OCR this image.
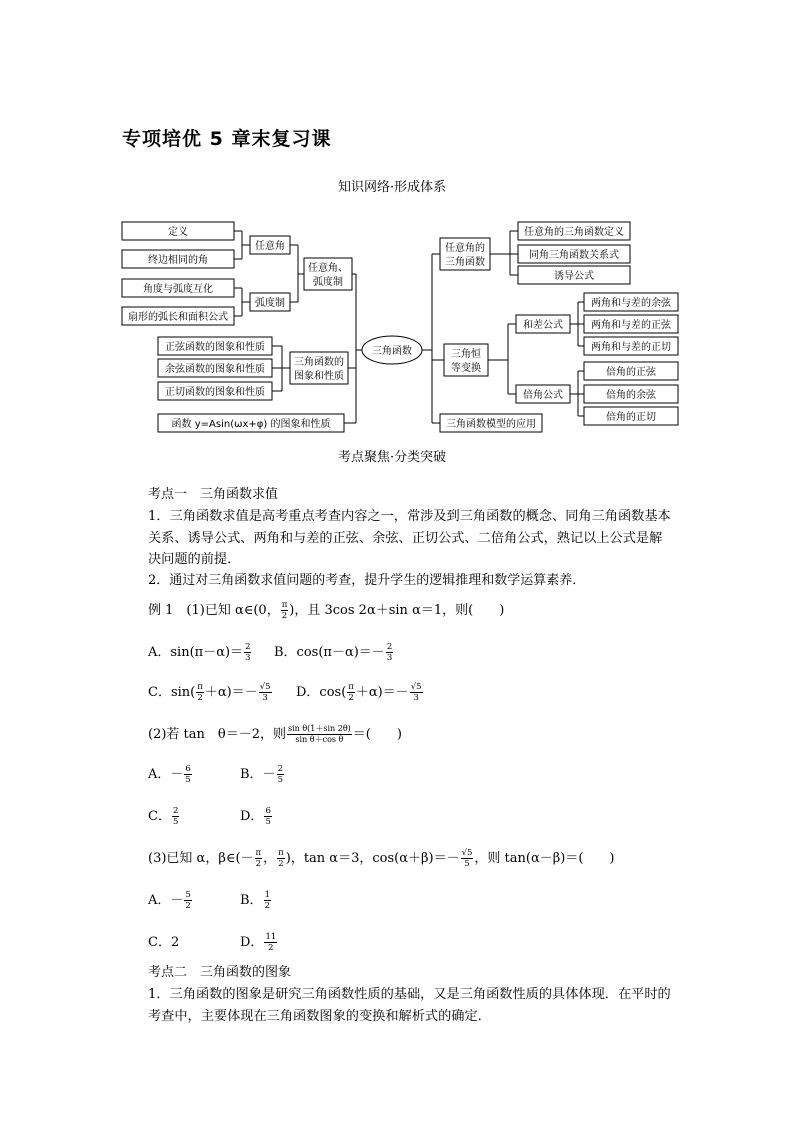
专项培优 5 章末复习课
知识网络·形成体系
定义
终边相同的角
角度与弧度互化
扇形的弧长和面积公式
正弦函数的图象和性质
余弦函数的图象和性质
正切函数的图象和性质
函数 y=Asin(ωx+φ) 的图象和性质
任意角
弧度制
任意角、
弧度制
三角函数的
图象和性质
三角函数
任意角的
三角函数
任意角的三角函数定义
同角三角函数关系式
诱导公式
三角恒
等变换
和差公式
倍角公式
两角和与差的余弦
两角和与差的正弦
两角和与差的正切
倍角的正弦
倍角的余弦
倍角的正切
三角函数模型的应用
考点聚焦·分类突破
考点一　三角函数求值
1．三角函数求值是高考重点考查内容之一，常涉及到三角函数的概念、同角三角函数基本关系、诱导公式、两角和与差的正弦、余弦、正切公式、二倍角公式，熟记以上公式是解决问题的前提．
2．通过对三角函数求值问题的考查，提升学生的逻辑推理和数学运算素养．
例 1　(1)已知 α∈(0， $\frac{\pi}{2}$ )，且 3cos 2α＋sin α＝1，则(　　)
A．$\sin(\pi-\alpha)= \frac{2}{3}$ B．$\cos(\pi-\alpha)=- \frac{2}{3}$
C．$\sin( \frac{\pi}{2} +\alpha)=- \frac{√5}{3}$ D．$\cos( \frac{\pi}{2} +\alpha)=- \frac{√5}{3}$
(2)若 tan　θ＝－2，则 $\frac{\text{sin θ(1＋sin 2θ)}}{\text{sin θ＋cos θ}}$ ＝(　　)
A．－ $\frac{6}{5}$	B．－ $\frac{2}{5}$
C． $\frac{2}{5}$	D． $\frac{6}{5}$
(3)已知 α，β∈(－ $\frac{\pi}{2}$ ， $\frac{\pi}{2}$ )，tan α＝3，$\cos(\alpha+\beta)=- \frac{√5}{5}$ ，则 tan(α－β)＝(　　)
A．－ $\frac{5}{2}$	B． $\frac{1}{2}$
C．2	D． $\frac{11}{2}$
考点二　三角函数的图象
1．三角函数的图象是研究三角函数性质的基础，又是三角函数性质的具体体现．在平时的考查中，主要体现在三角函数图象的变换和解析式的确定．
